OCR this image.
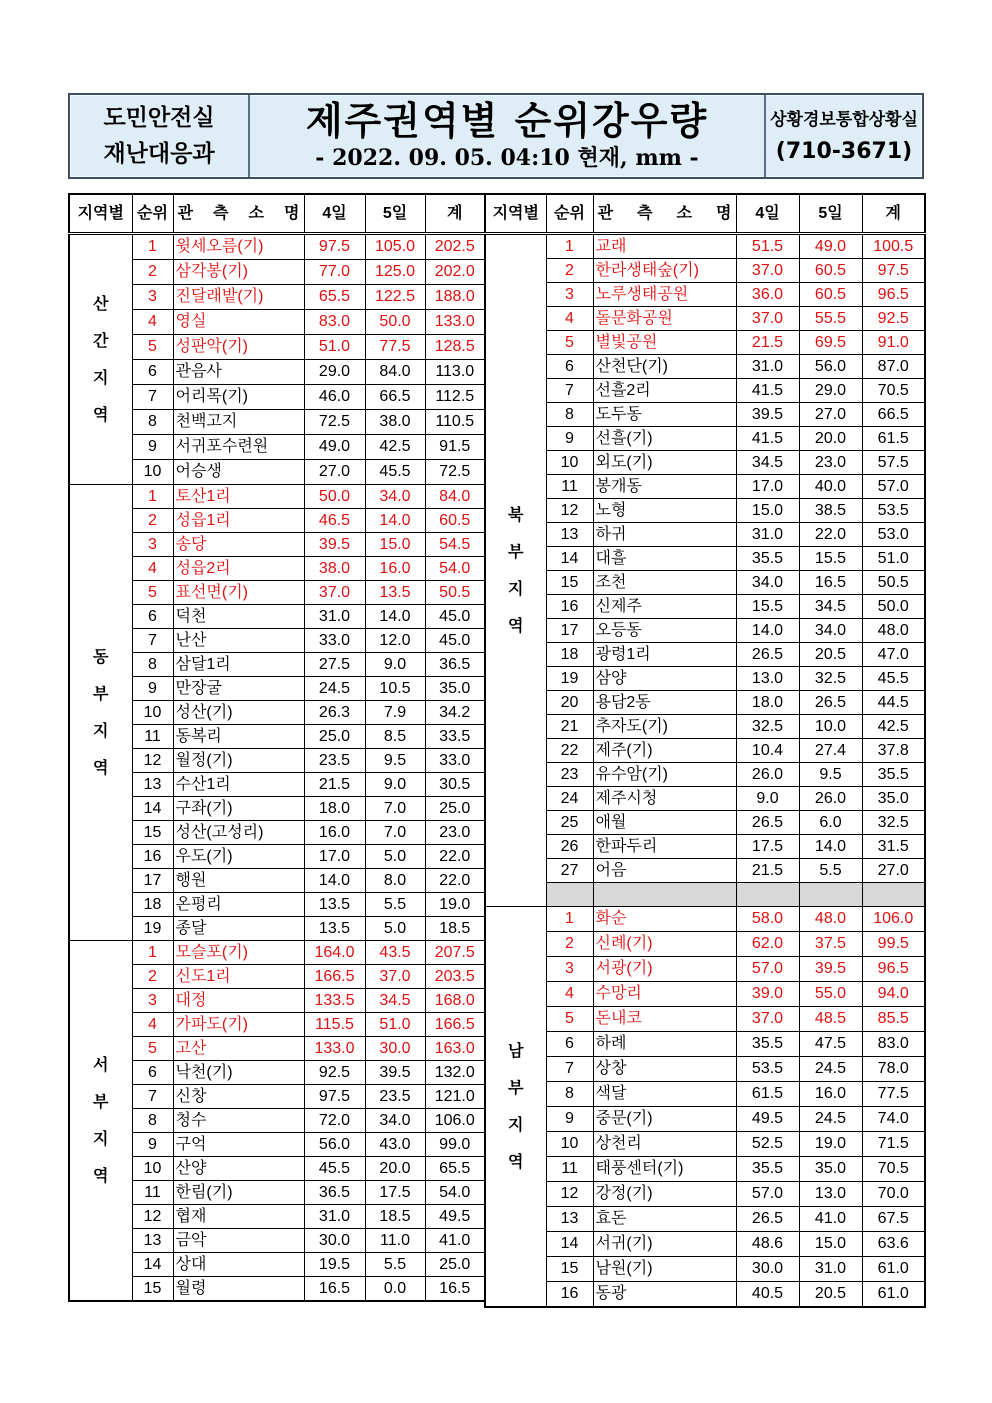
도민안전실
재난대응과
제주권역별 순위강우량
- 2022. 09. 05. 04:10 현재, mm -
상황경보통합상황실
(710-3671)
지역별	순위	관 측 소 명	4일	5일	계
산간지역	1	윗세오름(기)	97.5	105.0	202.5
	2	삼각봉(기)	77.0	125.0	202.0
	3	진달래밭(기)	65.5	122.5	188.0
	4	영실	83.0	50.0	133.0
	5	성판악(기)	51.0	77.5	128.5
	6	관음사	29.0	84.0	113.0
	7	어리목(기)	46.0	66.5	112.5
	8	천백고지	72.5	38.0	110.5
	9	서귀포수련원	49.0	42.5	91.5
	10	어승생	27.0	45.5	72.5
동부지역	1	토산1리	50.0	34.0	84.0
	2	성읍1리	46.5	14.0	60.5
	3	송당	39.5	15.0	54.5
	4	성읍2리	38.0	16.0	54.0
	5	표선면(기)	37.0	13.5	50.5
	6	덕천	31.0	14.0	45.0
	7	난산	33.0	12.0	45.0
	8	삼달1리	27.5	9.0	36.5
	9	만장굴	24.5	10.5	35.0
	10	성산(기)	26.3	7.9	34.2
	11	동복리	25.0	8.5	33.5
	12	월정(기)	23.5	9.5	33.0
	13	수산1리	21.5	9.0	30.5
	14	구좌(기)	18.0	7.0	25.0
	15	성산(고성리)	16.0	7.0	23.0
	16	우도(기)	17.0	5.0	22.0
	17	행원	14.0	8.0	22.0
	18	온평리	13.5	5.5	19.0
	19	종달	13.5	5.0	18.5
서부지역	1	모슬포(기)	164.0	43.5	207.5
	2	신도1리	166.5	37.0	203.5
	3	대정	133.5	34.5	168.0
	4	가파도(기)	115.5	51.0	166.5
	5	고산	133.0	30.0	163.0
	6	낙천(기)	92.5	39.5	132.0
	7	신창	97.5	23.5	121.0
	8	청수	72.0	34.0	106.0
	9	구억	56.0	43.0	99.0
	10	산양	45.5	20.0	65.5
	11	한림(기)	36.5	17.5	54.0
	12	협재	31.0	18.5	49.5
	13	금악	30.0	11.0	41.0
	14	상대	19.5	5.5	25.0
	15	월령	16.5	0.0	16.5
지역별	순위	관 측 소 명	4일	5일	계
북부지역	1	교래	51.5	49.0	100.5
	2	한라생태숲(기)	37.0	60.5	97.5
	3	노루생태공원	36.0	60.5	96.5
	4	돌문화공원	37.0	55.5	92.5
	5	별빛공원	21.5	69.5	91.0
	6	산천단(기)	31.0	56.0	87.0
	7	선흘2리	41.5	29.0	70.5
	8	도두동	39.5	27.0	66.5
	9	선흘(기)	41.5	20.0	61.5
	10	외도(기)	34.5	23.0	57.5
	11	봉개동	17.0	40.0	57.0
	12	노형	15.0	38.5	53.5
	13	하귀	31.0	22.0	53.0
	14	대흘	35.5	15.5	51.0
	15	조천	34.0	16.5	50.5
	16	신제주	15.5	34.5	50.0
	17	오등동	14.0	34.0	48.0
	18	광령1리	26.5	20.5	47.0
	19	삼양	13.0	32.5	45.5
	20	용담2동	18.0	26.5	44.5
	21	추자도(기)	32.5	10.0	42.5
	22	제주(기)	10.4	27.4	37.8
	23	유수암(기)	26.0	9.5	35.5
	24	제주시청	9.0	26.0	35.0
	25	애월	26.5	6.0	32.5
	26	한파두리	17.5	14.0	31.5
	27	어음	21.5	5.5	27.0

남부지역	1	화순	58.0	48.0	106.0
	2	신례(기)	62.0	37.5	99.5
	3	서광(기)	57.0	39.5	96.5
	4	수망리	39.0	55.0	94.0
	5	돈내코	37.0	48.5	85.5
	6	하례	35.5	47.5	83.0
	7	상창	53.5	24.5	78.0
	8	색달	61.5	16.0	77.5
	9	중문(기)	49.5	24.5	74.0
	10	상천리	52.5	19.0	71.5
	11	태풍센터(기)	35.5	35.0	70.5
	12	강정(기)	57.0	13.0	70.0
	13	효돈	26.5	41.0	67.5
	14	서귀(기)	48.6	15.0	63.6
	15	남원(기)	30.0	31.0	61.0
	16	동광	40.5	20.5	61.0
